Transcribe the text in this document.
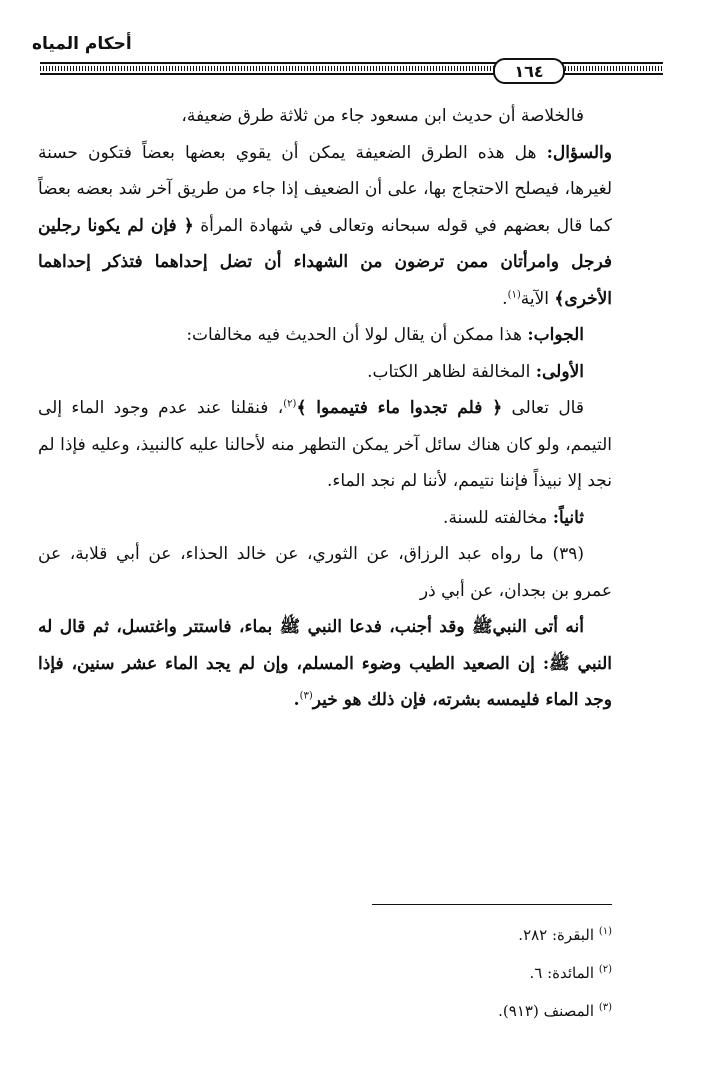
أحكام المياه
١٦٤

فالخلاصة أن حديث ابن مسعود جاء من ثلاثة طرق ضعيفة،

والسؤال: هل هذه الطرق الضعيفة يمكن أن يقوي بعضها بعضاً فتكون حسنة لغيرها، فيصلح الاحتجاج بها، على أن الضعيف إذا جاء من طريق آخر شد بعضه بعضاً كما قال بعضهم في قوله سبحانه وتعالى في شهادة المرأة ﴿ فإن لم يكونا رجلين فرجل وامرأتان ممن ترضون من الشهداء أن تضل إحداهما فتذكر إحداهما الأخرى﴾ الآية$^{(١)}$.

الجواب: هذا ممكن أن يقال لولا أن الحديث فيه مخالفات:

الأولى: المخالفة لظاهر الكتاب.

قال تعالى ﴿ فلم تجدوا ماء فتيمموا ﴾$^{(٢)}$، فنقلنا عند عدم وجود الماء إلى التيمم، ولو كان هناك سائل آخر يمكن التطهر منه لأحالنا عليه كالنبيذ، وعليه فإذا لم نجد إلا نبيذاً فإننا نتيمم، لأننا لم نجد الماء.

ثانياً: مخالفته للسنة.

(٣٩) ما رواه عبد الرزاق، عن الثوري، عن خالد الحذاء، عن أبي قلابة، عن عمرو بن بجدان، عن أبي ذر

أنه أتى النبيﷺ وقد أجنب، فدعا النبي ﷺ بماء، فاستتر واغتسل، ثم قال له النبي ﷺ: إن الصعيد الطيب وضوء المسلم، وإن لم يجد الماء عشر سنين، فإذا وجد الماء فليمسه بشرته، فإن ذلك هو خير$^{(٣)}$.

$^{(١)}$ البقرة: ٢٨٢.
$^{(٢)}$ المائدة: ٦.
$^{(٣)}$ المصنف (٩١٣).
